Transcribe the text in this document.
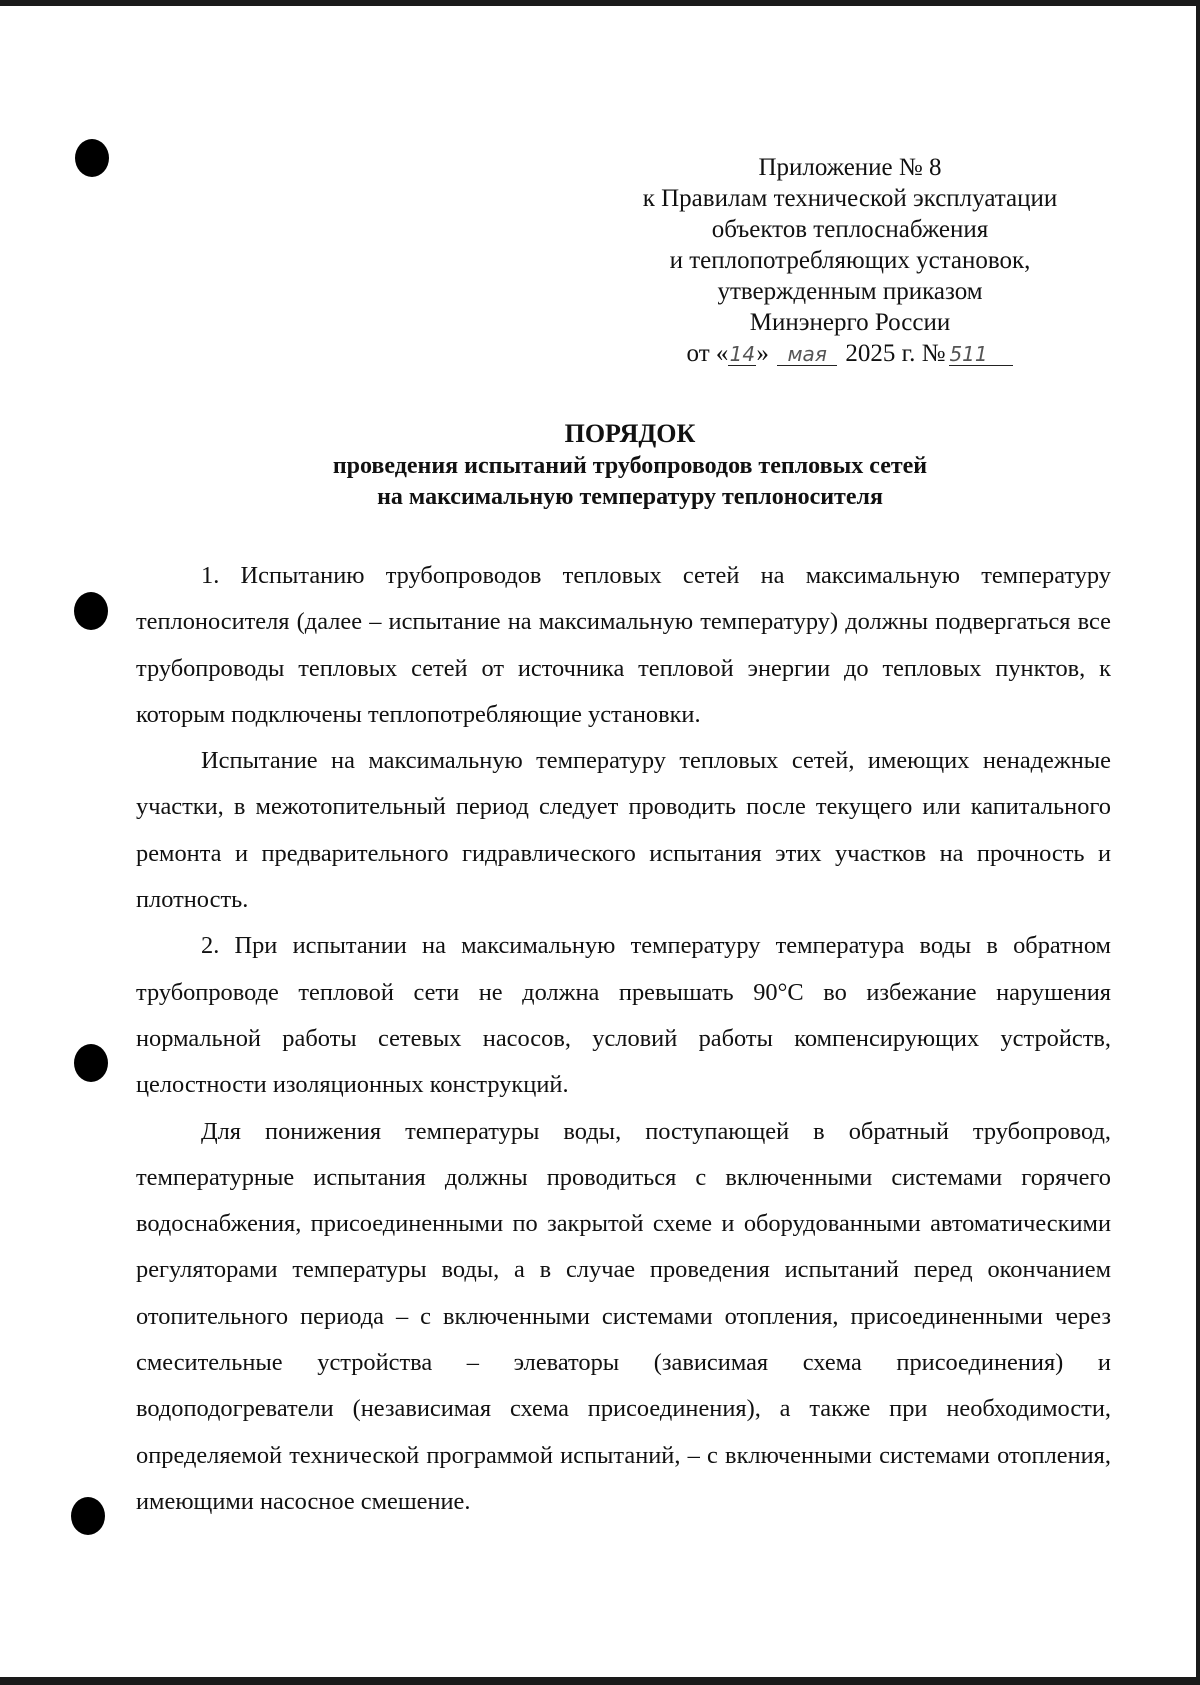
Приложение № 8
к Правилам технической эксплуатации
объектов теплоснабжения
и теплопотребляющих установок,
утвержденным приказом
Минэнерго России
от «14» мая 2025 г. № 511
ПОРЯДОК
проведения испытаний трубопроводов тепловых сетей
на максимальную температуру теплоносителя

1. Испытанию трубопроводов тепловых сетей на максимальную температуру теплоносителя (далее – испытание на максимальную температуру) должны подвергаться все трубопроводы тепловых сетей от источника тепловой энергии до тепловых пунктов, к которым подключены теплопотребляющие установки.

Испытание на максимальную температуру тепловых сетей, имеющих ненадежные участки, в межотопительный период следует проводить после текущего или капитального ремонта и предварительного гидравлического испытания этих участков на прочность и плотность.

2. При испытании на максимальную температуру температура воды в обратном трубопроводе тепловой сети не должна превышать 90°С во избежание нарушения нормальной работы сетевых насосов, условий работы компенсирующих устройств, целостности изоляционных конструкций.

Для понижения температуры воды, поступающей в обратный трубопровод, температурные испытания должны проводиться с включенными системами горячего водоснабжения, присоединенными по закрытой схеме и оборудованными автоматическими регуляторами температуры воды, а в случае проведения испытаний перед окончанием отопительного периода – с включенными системами отопления, присоединенными через смесительные устройства – элеваторы (зависимая схема присоединения) и водоподогреватели (независимая схема присоединения), а также при необходимости, определяемой технической программой испытаний, – с включенными системами отопления, имеющими насосное смешение.
